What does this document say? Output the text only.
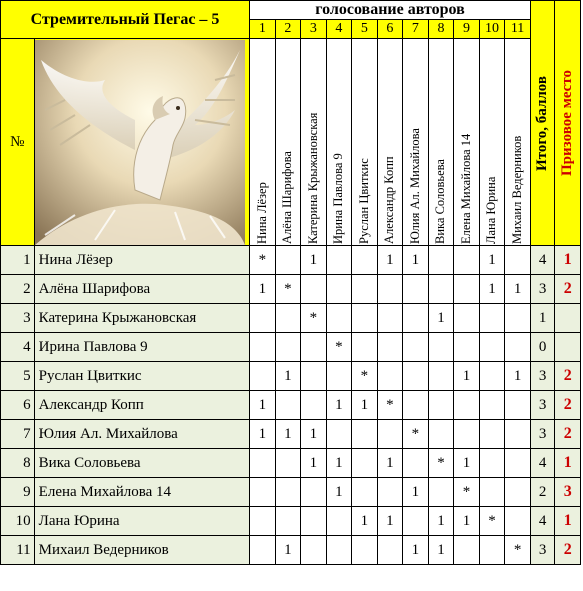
Стремительный Пегас – 5		голосование авторов											Итого, баллов	Призовое место

		1	2	3	4	5	6	7	8	9	10	11		
№		Нина Лёзер	Алёна Шарифова	Катерина Крыжановская	Ирина Павлова 9	Руслан Цвиткис	Александр Копп	Юлия Ал. Михайлова	Вика Соловьева	Елена Михайлова 14	Лана Юрина	Михаил Ведерников		

1	Нина Лёзер	*		1			1	1			1		4	1
2	Алёна Шарифова	1	*								1	1	3	2
3	Катерина Крыжановская			*					1				1	
4	Ирина Павлова 9				*								0	
5	Руслан Цвиткис		1			*				1		1	3	2
6	Александр Копп	1			1	1	*						3	2
7	Юлия Ал. Михайлова	1	1	1				*					3	2
8	Вика Соловьева			1	1		1		*	1			4	1
9	Елена Михайлова 14				1			1		*			2	3
10	Лана Юрина					1	1		1	1	*		4	1
11	Михаил Ведерников		1					1	1			*	3	2
